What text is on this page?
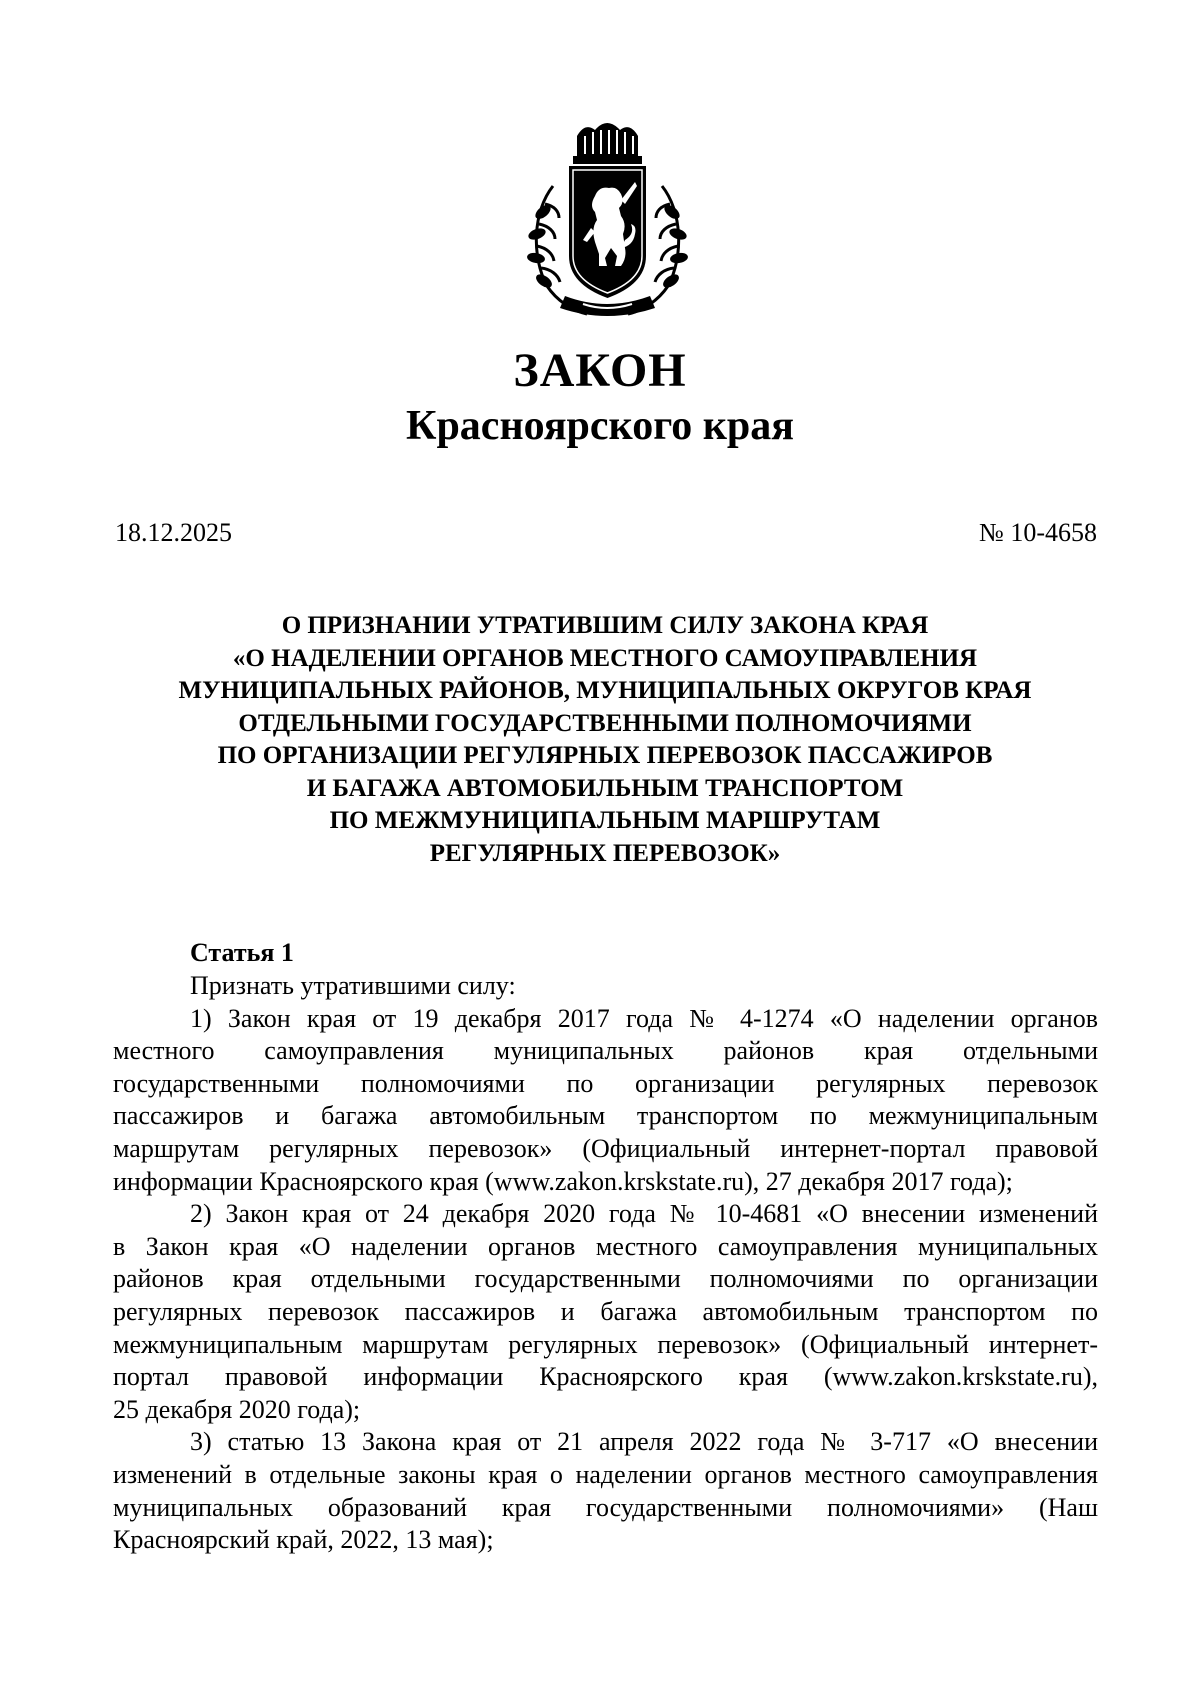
ЗАКОН
Красноярского края
18.12.2025	№ 10-4658
О ПРИЗНАНИИ УТРАТИВШИМ СИЛУ ЗАКОНА КРАЯ
«О НАДЕЛЕНИИ ОРГАНОВ МЕСТНОГО САМОУПРАВЛЕНИЯ
МУНИЦИПАЛЬНЫХ РАЙОНОВ, МУНИЦИПАЛЬНЫХ ОКРУГОВ КРАЯ
ОТДЕЛЬНЫМИ ГОСУДАРСТВЕННЫМИ ПОЛНОМОЧИЯМИ
ПО ОРГАНИЗАЦИИ РЕГУЛЯРНЫХ ПЕРЕВОЗОК ПАССАЖИРОВ
И БАГАЖА АВТОМОБИЛЬНЫМ ТРАНСПОРТОМ
ПО МЕЖМУНИЦИПАЛЬНЫМ МАРШРУТАМ
РЕГУЛЯРНЫХ ПЕРЕВОЗОК»
Статья 1
Признать утратившими силу:
1) Закон края от 19 декабря 2017 года № 4-1274 «О наделении органов
местного самоуправления муниципальных районов края отдельными
государственными полномочиями по организации регулярных перевозок
пассажиров и багажа автомобильным транспортом по межмуниципальным
маршрутам регулярных перевозок» (Официальный интернет-портал правовой
информации Красноярского края (www.zakon.krskstate.ru), 27 декабря 2017 года);
2) Закон края от 24 декабря 2020 года № 10-4681 «О внесении изменений
в Закон края «О наделении органов местного самоуправления муниципальных
районов края отдельными государственными полномочиями по организации
регулярных перевозок пассажиров и багажа автомобильным транспортом по
межмуниципальным маршрутам регулярных перевозок» (Официальный интернет-
портал правовой информации Красноярского края (www.zakon.krskstate.ru),
25 декабря 2020 года);
3) статью 13 Закона края от 21 апреля 2022 года № 3-717 «О внесении
изменений в отдельные законы края о наделении органов местного самоуправления
муниципальных образований края государственными полномочиями» (Наш
Красноярский край, 2022, 13 мая);
